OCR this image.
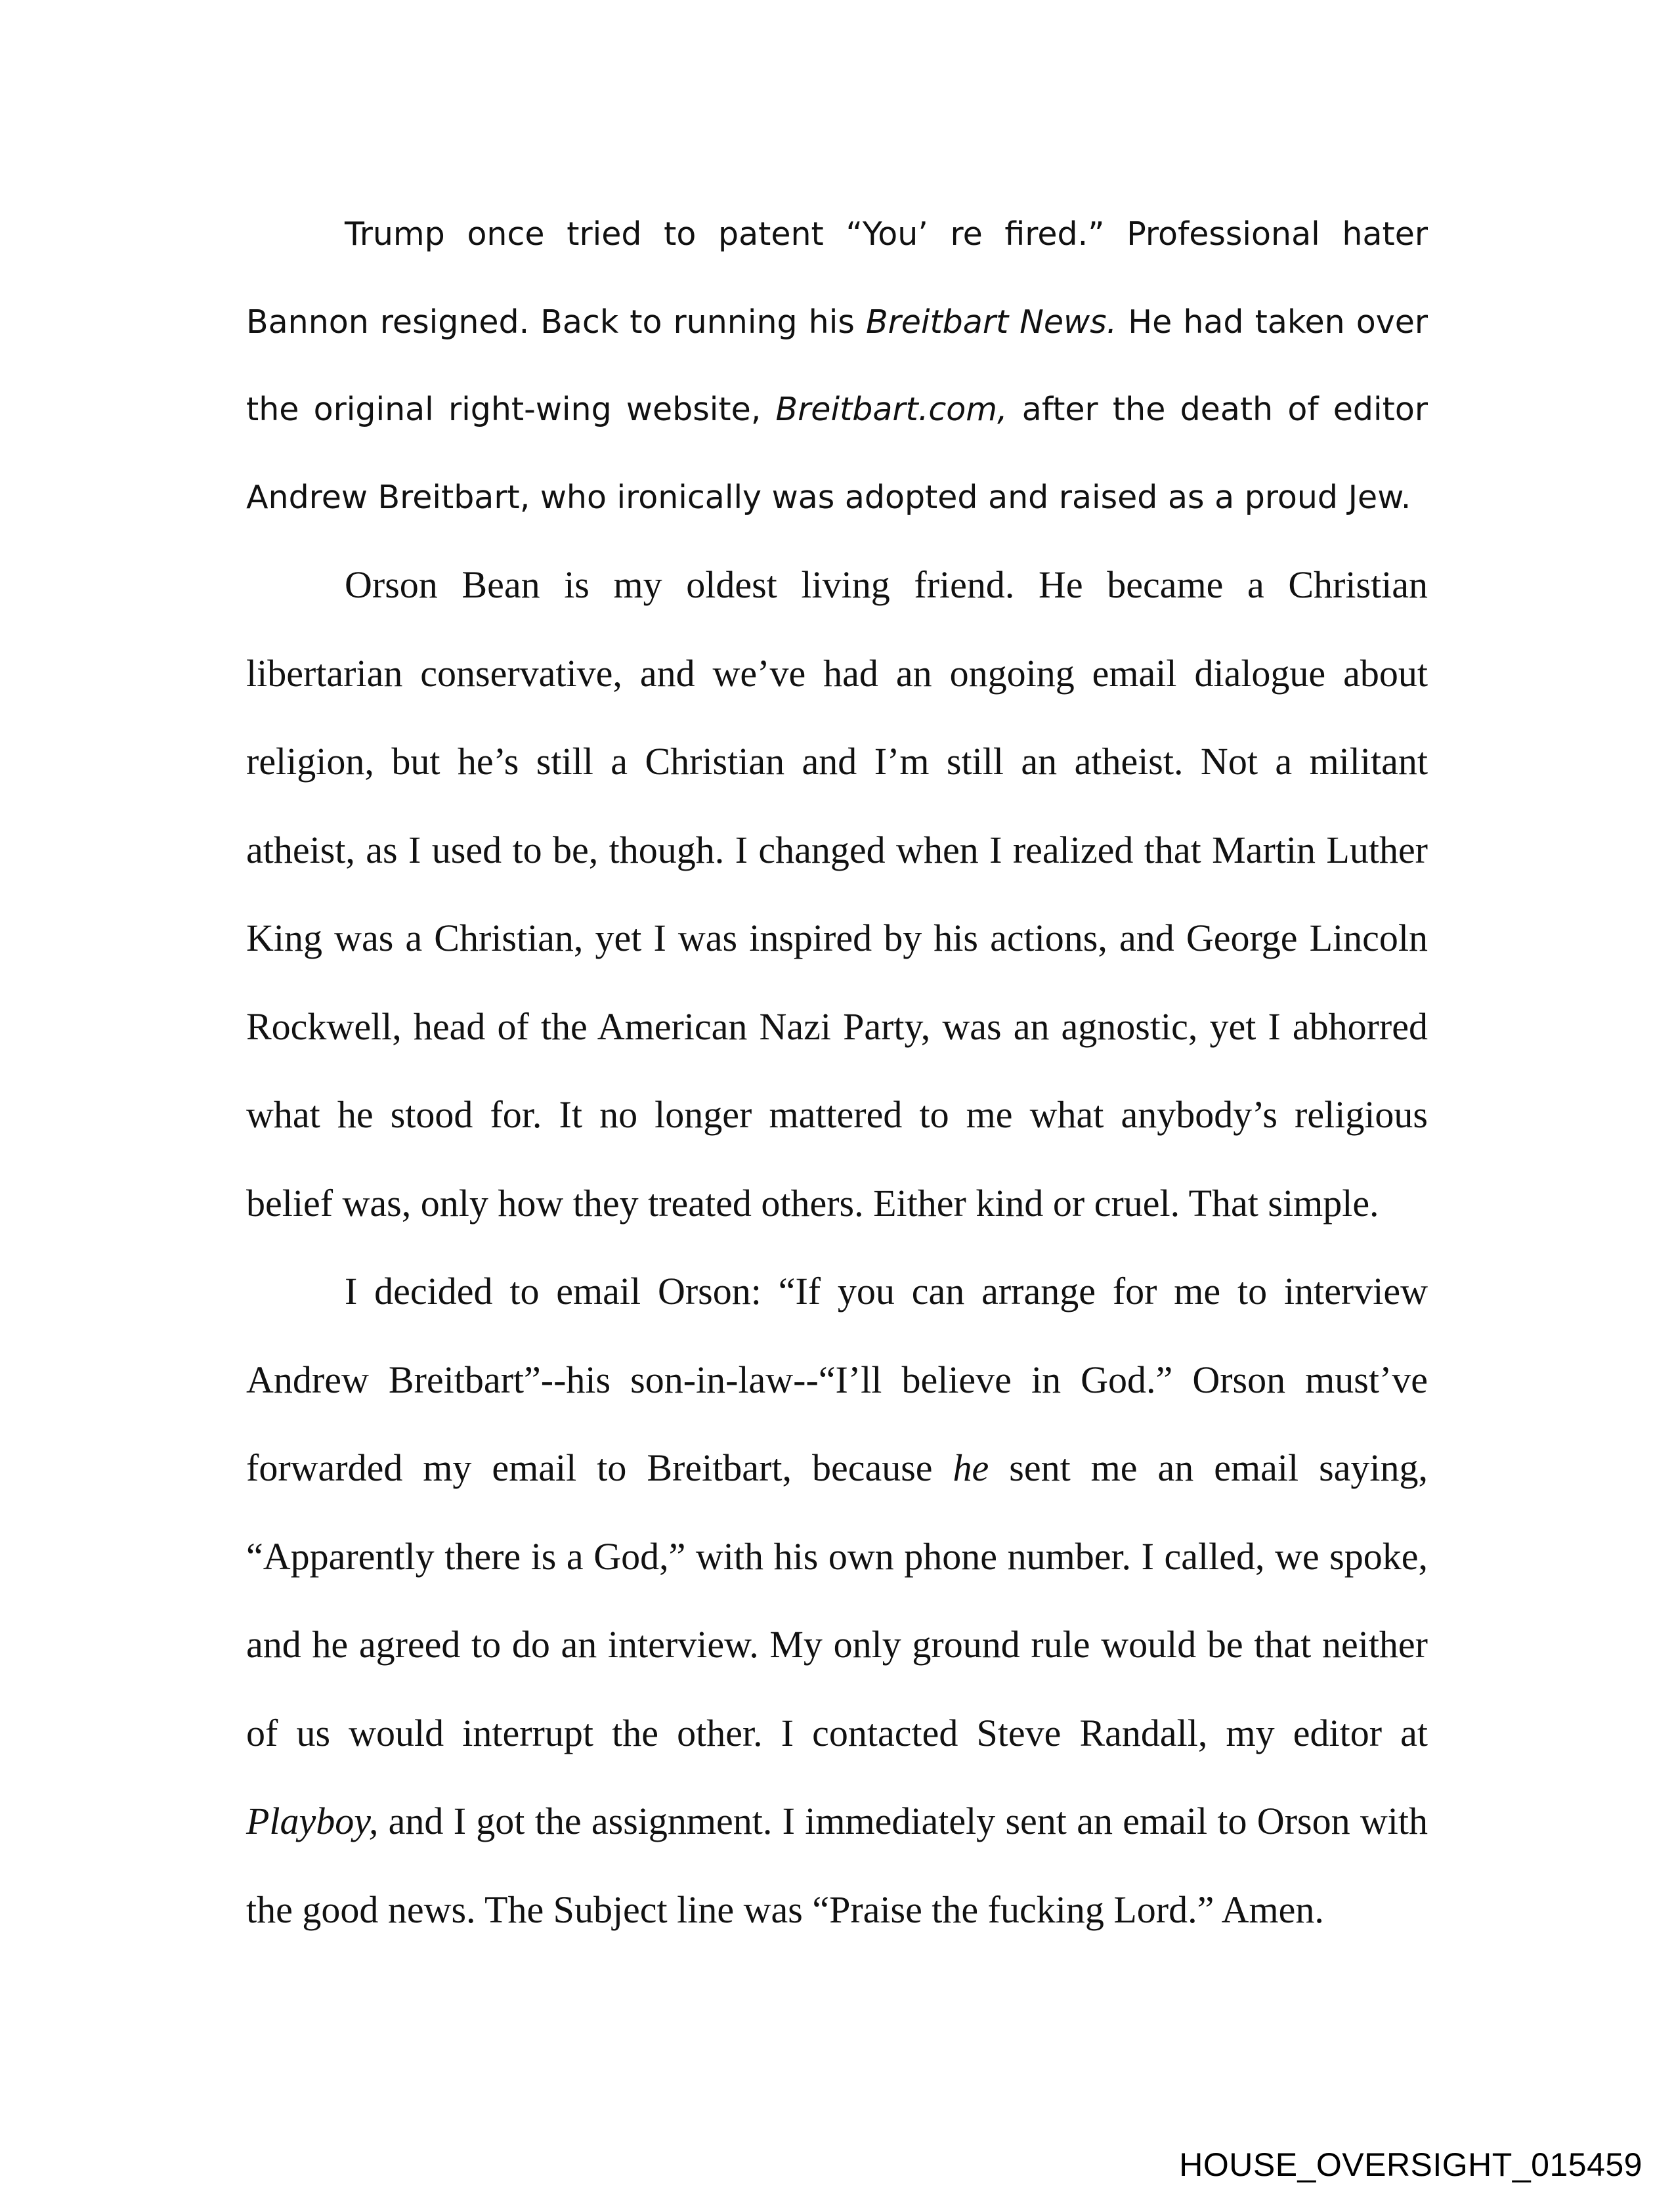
Trump once tried to patent “You’ re fired.” Professional hater Bannon resigned. Back to running his Breitbart News. He had taken over the original right-wing website, Breitbart.com, after the death of editor Andrew Breitbart, who ironically was adopted and raised as a proud Jew.

Orson Bean is my oldest living friend. He became a Christian libertarian conservative, and we’ve had an ongoing email dialogue about religion, but he’s still a Christian and I’m still an atheist. Not a militant atheist, as I used to be, though. I changed when I realized that Martin Luther King was a Christian, yet I was inspired by his actions, and George Lincoln Rockwell, head of the American Nazi Party, was an agnostic, yet I abhorred what he stood for. It no longer mattered to me what anybody’s religious belief was, only how they treated others. Either kind or cruel. That simple.

I decided to email Orson: “If you can arrange for me to interview Andrew Breitbart”--his son-in-law--“I’ll believe in God.” Orson must’ve forwarded my email to Breitbart, because he sent me an email saying, “Apparently there is a God,” with his own phone number. I called, we spoke, and he agreed to do an interview. My only ground rule would be that neither of us would interrupt the other. I contacted Steve Randall, my editor at Playboy, and I got the assignment. I immediately sent an email to Orson with the good news. The Subject line was “Praise the fucking Lord.” Amen.

HOUSE_OVERSIGHT_015459
